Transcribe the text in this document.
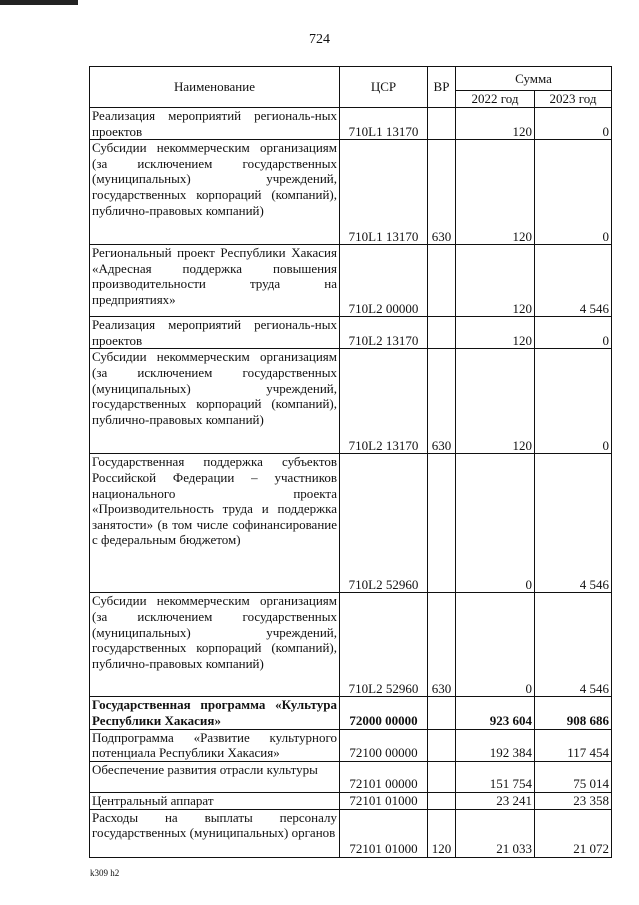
724
Наименование	ЦСР	ВР	Сумма	
			2022 год	2023 год
Реализация мероприятий региональ-ных проектов	710L1 13170		120	0
Субсидии некоммерческим организациям (за исключением государственных (муниципальных) учреждений, государственных корпораций (компаний), публично-правовых компаний)	710L1 13170	630	120	0
Региональный проект Республики Хакасия «Адресная поддержка повышения производительности труда на предприятиях»	710L2 00000		120	4 546
Реализация мероприятий региональ-ных проектов	710L2 13170		120	0
Субсидии некоммерческим организациям (за исключением государственных (муниципальных) учреждений, государственных корпораций (компаний), публично-правовых компаний)	710L2 13170	630	120	0
Государственная поддержка субъектов Российской Федерации – участников национального проекта «Производительность труда и поддержка занятости» (в том числе софинансирование с федеральным бюджетом)	710L2 52960		0	4 546
Субсидии некоммерческим организациям (за исключением государственных (муниципальных) учреждений, государственных корпораций (компаний), публично-правовых компаний)	710L2 52960	630	0	4 546
Государственная программа «Культура Республики Хакасия»	72000 00000		923 604	908 686
Подпрограмма «Развитие культурного потенциала Республики Хакасия»	72100 00000		192 384	117 454
Обеспечение развития отрасли культуры	72101 00000		151 754	75 014
Центральный аппарат	72101 01000		23 241	23 358
Расходы на выплаты персоналу государственных (муниципальных) органов	72101 01000	120	21 033	21 072
k309 h2
